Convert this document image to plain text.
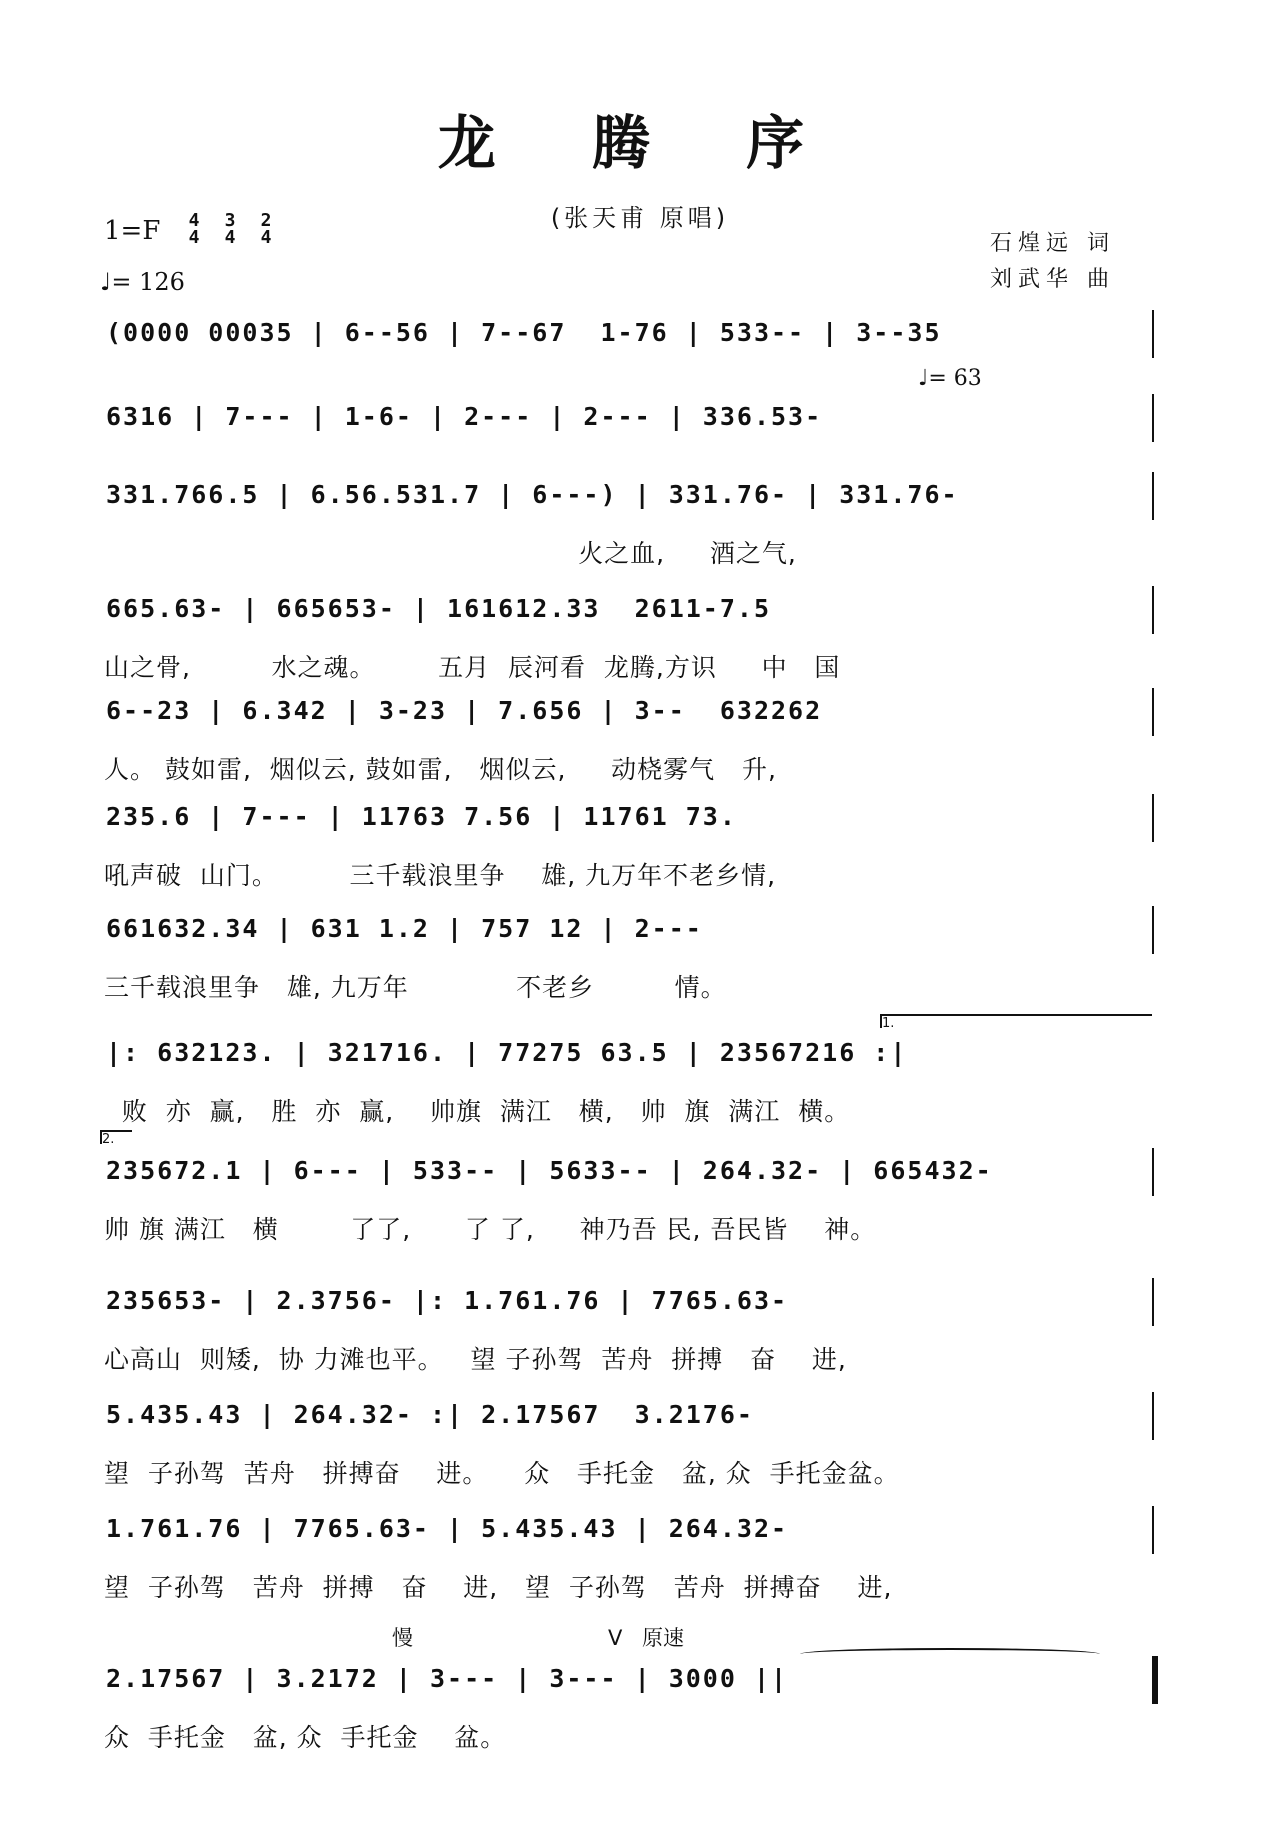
龙 腾 序
(张天甫 原唱)
1=F 4
4
3
4
2
4
♩= 126
石煌远 词
刘武华 曲
♩= 63
慢	原速
V
(0000 00035 | 6--56 | 7--67  1-76 | 533-- | 3--35
6316 | 7--- | 1-6- | 2--- | 2--- | 336.53-
331.766.5 | 6.56.531.7 | 6---) | 331.76- | 331.76-
火之血,     酒之气,
665.63- | 665653- | 161612.33  2611-7.5
山之骨,         水之魂。       五月  辰河看  龙腾,方识     中   国
6--23 | 6.342 | 3-23 | 7.656 | 3--  632262
人。 鼓如雷,  烟似云, 鼓如雷,   烟似云,     动桡雾气   升,
235.6 | 7--- | 11763 7.56 | 11761 73.
吼声破  山门。        三千载浪里争    雄, 九万年不老乡情,
661632.34 | 631 1.2 | 757 12 | 2---
三千载浪里争   雄, 九万年            不老乡         情。
1.
|: 632123. | 321716. | 77275 63.5 | 23567216 :|
败  亦  赢,   胜  亦  赢,    帅旗  满江   横,   帅  旗  满江  横。
2.
235672.1 | 6--- | 533-- | 5633-- | 264.32- | 665432-
帅 旗 满江   横        了了,      了 了,     神乃吾 民, 吾民皆    神。
235653- | 2.3756- |: 1.761.76 | 7765.63-
心高山  则矮,  协 力滩也平。   望 子孙驾  苦舟  拼搏   奋    进,
5.435.43 | 264.32- :| 2.17567  3.2176-
望  子孙驾  苦舟   拼搏奋    进。    众   手托金   盆, 众  手托金盆。
1.761.76 | 7765.63- | 5.435.43 | 264.32-
望  子孙驾   苦舟  拼搏   奋    进,   望  子孙驾   苦舟  拼搏奋    进,
2.17567 | 3.2172 | 3--- | 3--- | 3000 ||
众  手托金   盆, 众  手托金    盆。
